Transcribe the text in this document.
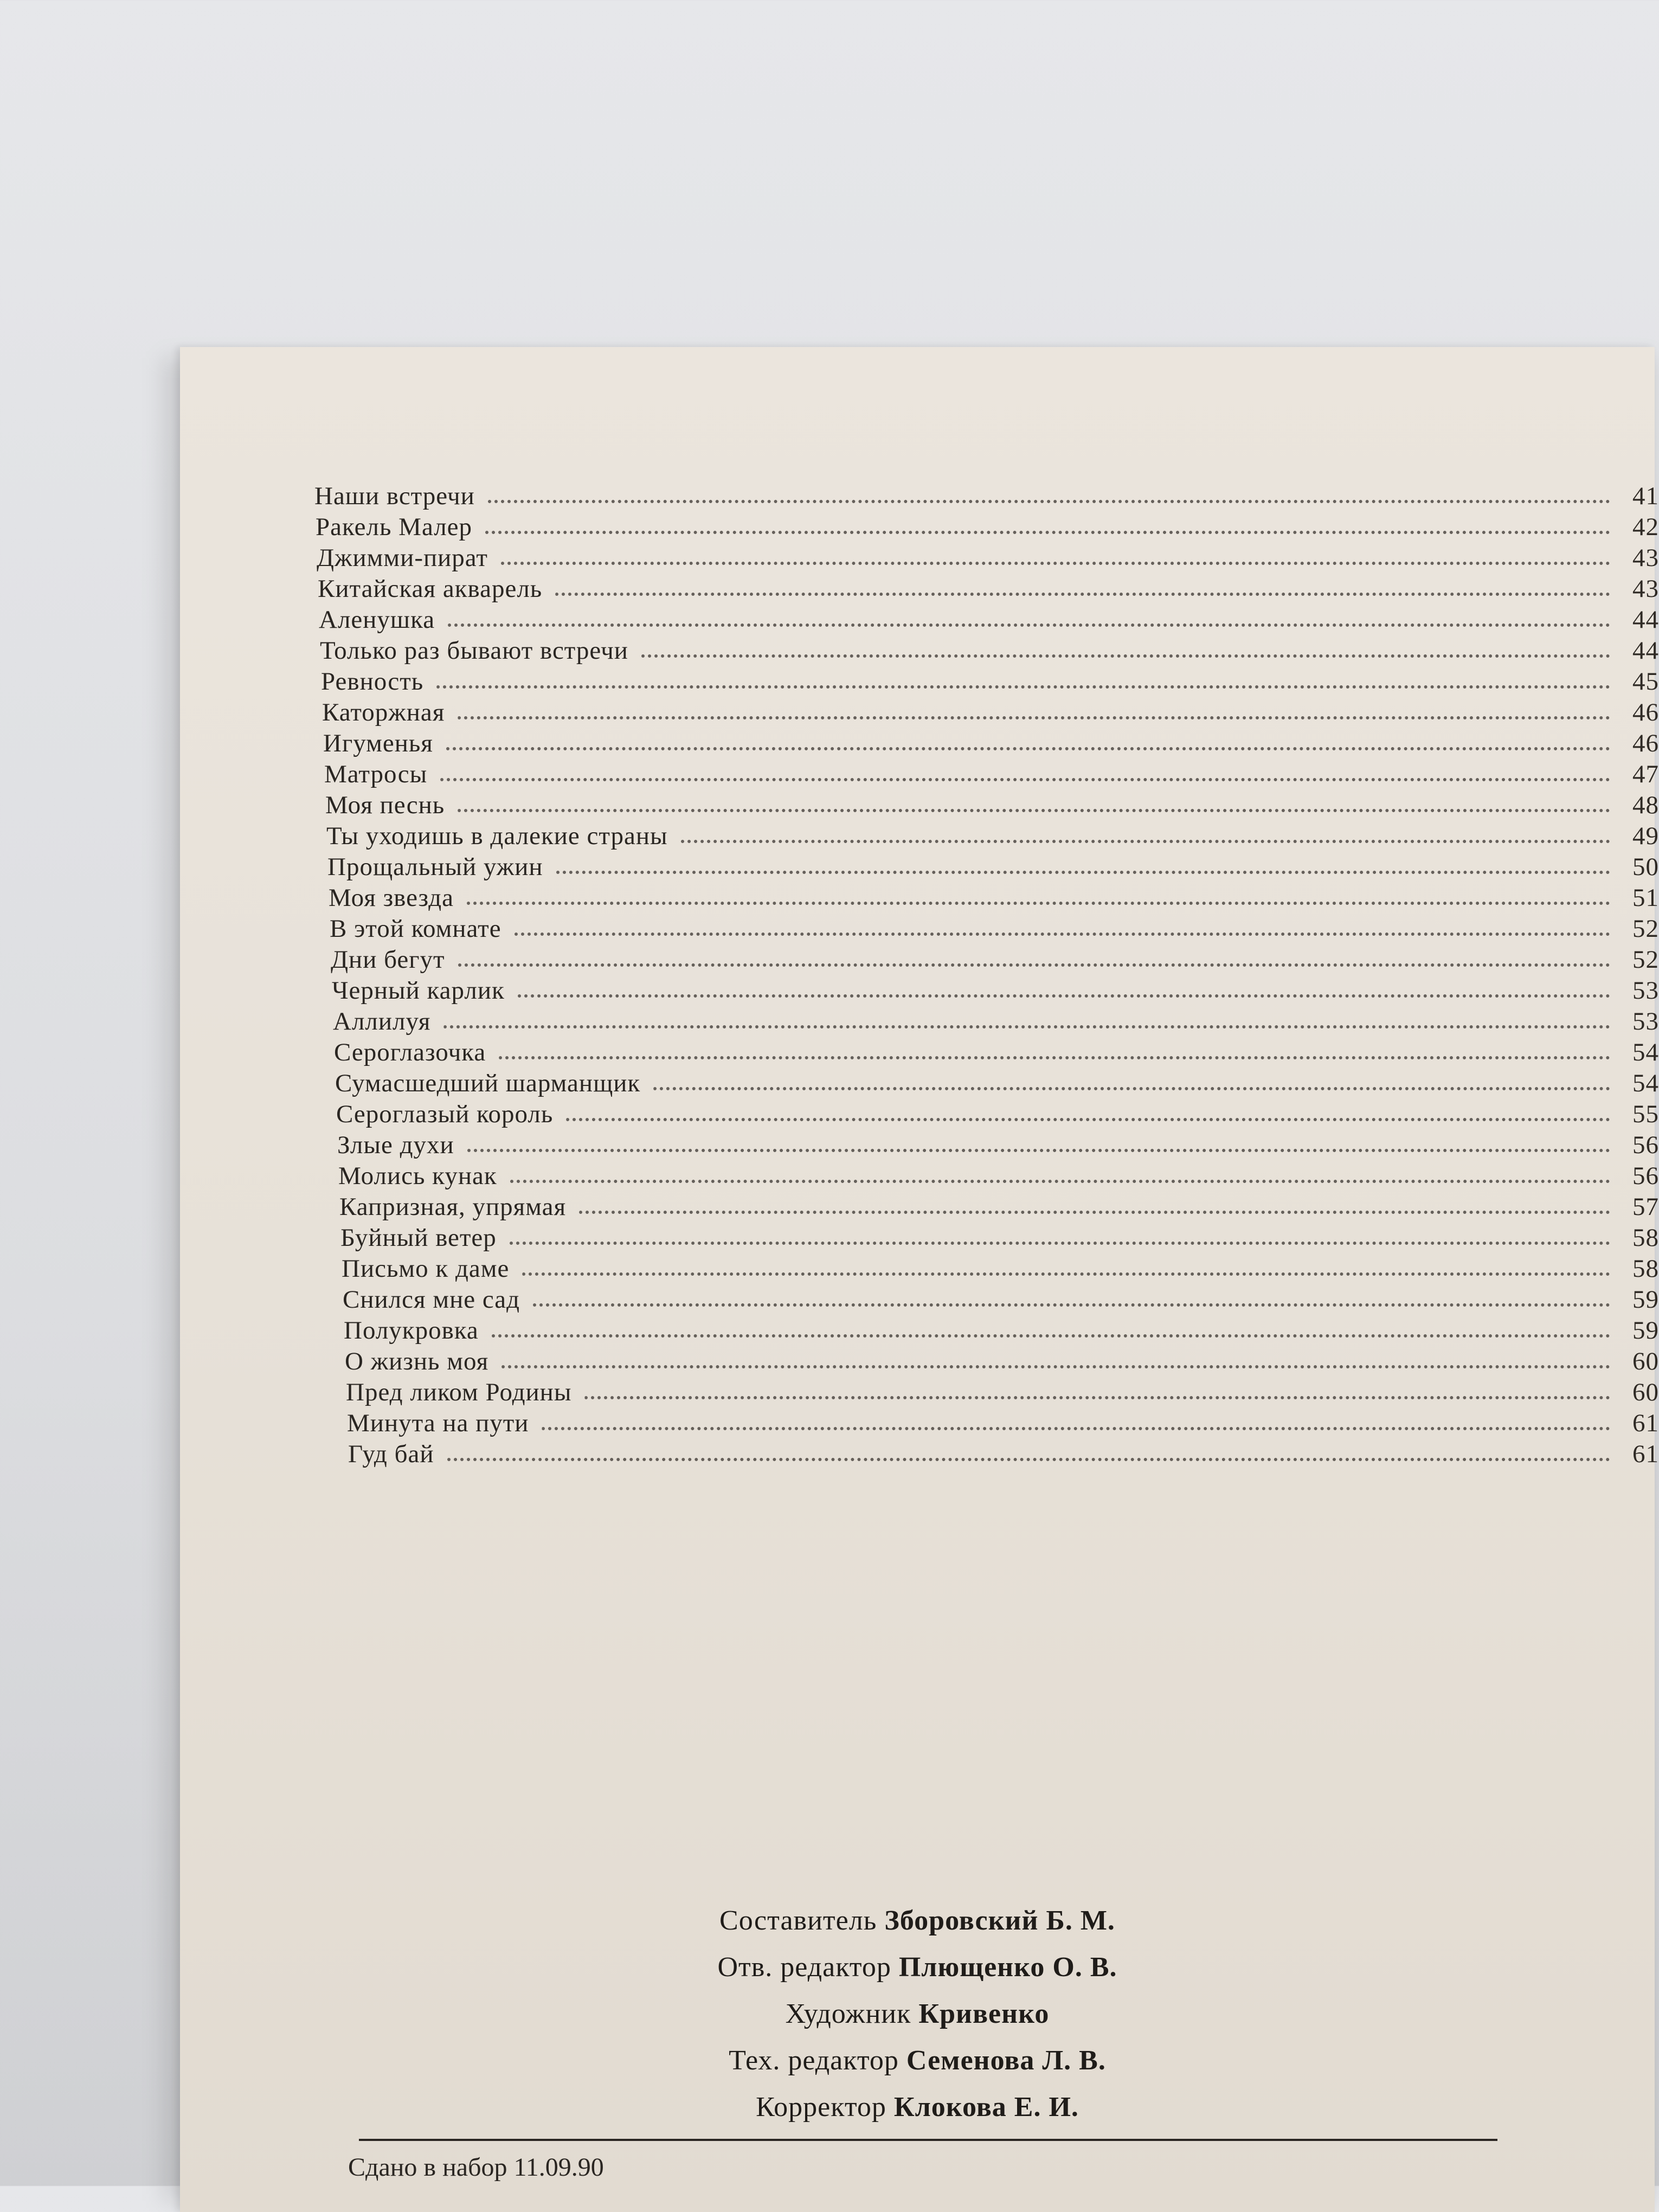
Наши встречи	41
Ракель Малер	42
Джимми-пират	43
Китайская акварель	43
Аленушка	44
Только раз бывают встречи	44
Ревность	45
Каторжная	46
Игуменья	46
Матросы	47
Моя песнь	48
Ты уходишь в далекие страны	49
Прощальный ужин	50
Моя звезда	51
В этой комнате	52
Дни бегут	52
Черный карлик	53
Аллилуя	53
Сероглазочка	54
Сумасшедший шарманщик	54
Сероглазый король	55
Злые духи	56
Молись кунак	56
Капризная, упрямая	57
Буйный ветер	58
Письмо к даме	58
Снился мне сад	59
Полукровка	59
О жизнь моя	60
Пред ликом Родины	60
Минута на пути	61
Гуд бай	61
Составитель Зборовский Б. М.
Отв. редактор Плющенко О. В.
Художник Кривенко
Тех. редактор Семенова Л. В.
Корректор Клокова Е. И.
Сдано в набор 11.09.90
